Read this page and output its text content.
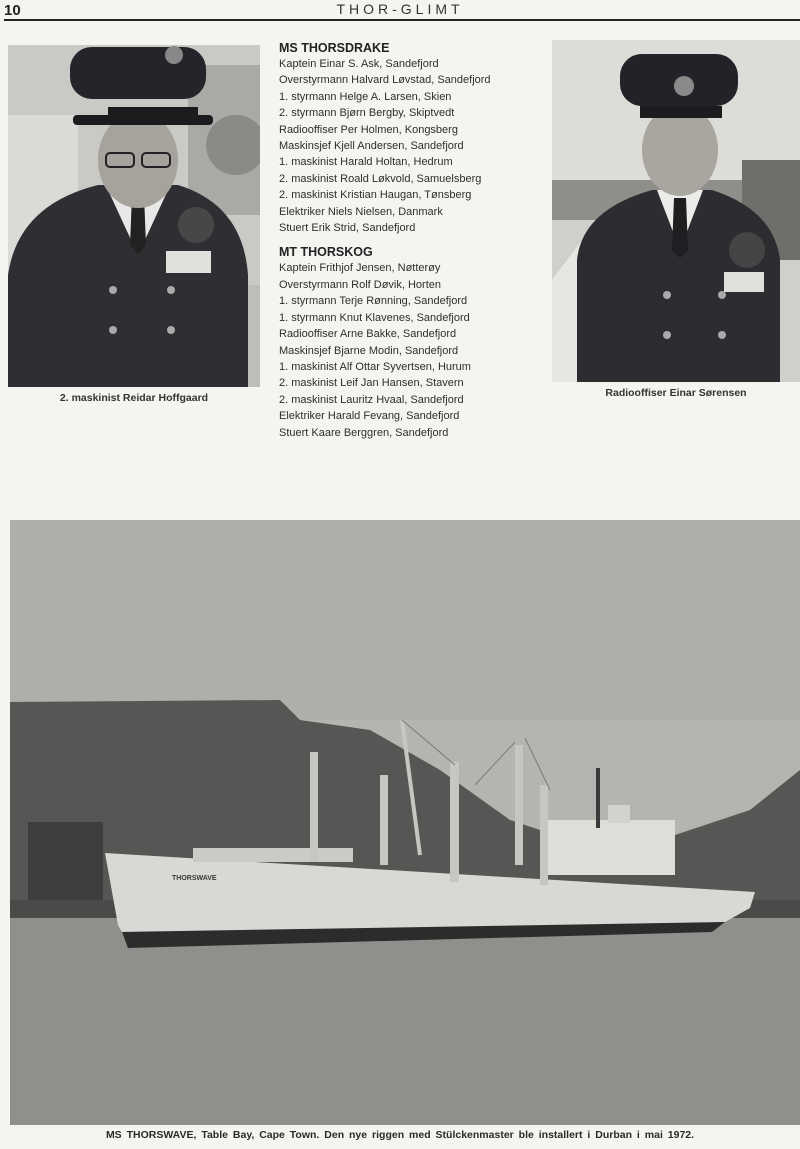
10	THOR-GLIMT
2. maskinist Reidar Hoffgaard
MS THORSDRAKE
Kaptein Einar S. Ask, Sandefjord
Overstyrmann Halvard Løvstad, Sandefjord
1. styrmann Helge A. Larsen, Skien
2. styrmann Bjørn Bergby, Skiptvedt
Radiooffiser Per Holmen, Kongsberg
Maskinsjef Kjell Andersen, Sandefjord
1. maskinist Harald Holtan, Hedrum
2. maskinist Roald Løkvold, Samuelsberg
2. maskinist Kristian Haugan, Tønsberg
Elektriker Niels Nielsen, Danmark
Stuert Erik Strid, Sandefjord
MT THORSKOG
Kaptein Frithjof Jensen, Nøtterøy
Overstyrmann Rolf Døvik, Horten
1. styrmann Terje Rønning, Sandefjord
1. styrmann Knut Klavenes, Sandefjord
Radiooffiser Arne Bakke, Sandefjord
Maskinsjef Bjarne Modin, Sandefjord
1. maskinist Alf Ottar Syvertsen, Hurum
2. maskinist Leif Jan Hansen, Stavern
2. maskinist Lauritz Hvaal, Sandefjord
Elektriker Harald Fevang, Sandefjord
Stuert Kaare Berggren, Sandefjord
Radiooffiser Einar Sørensen
THORSWAVE
MS THORSWAVE, Table Bay, Cape Town. Den nye riggen med Stülckenmaster ble installert i Durban i mai 1972.
